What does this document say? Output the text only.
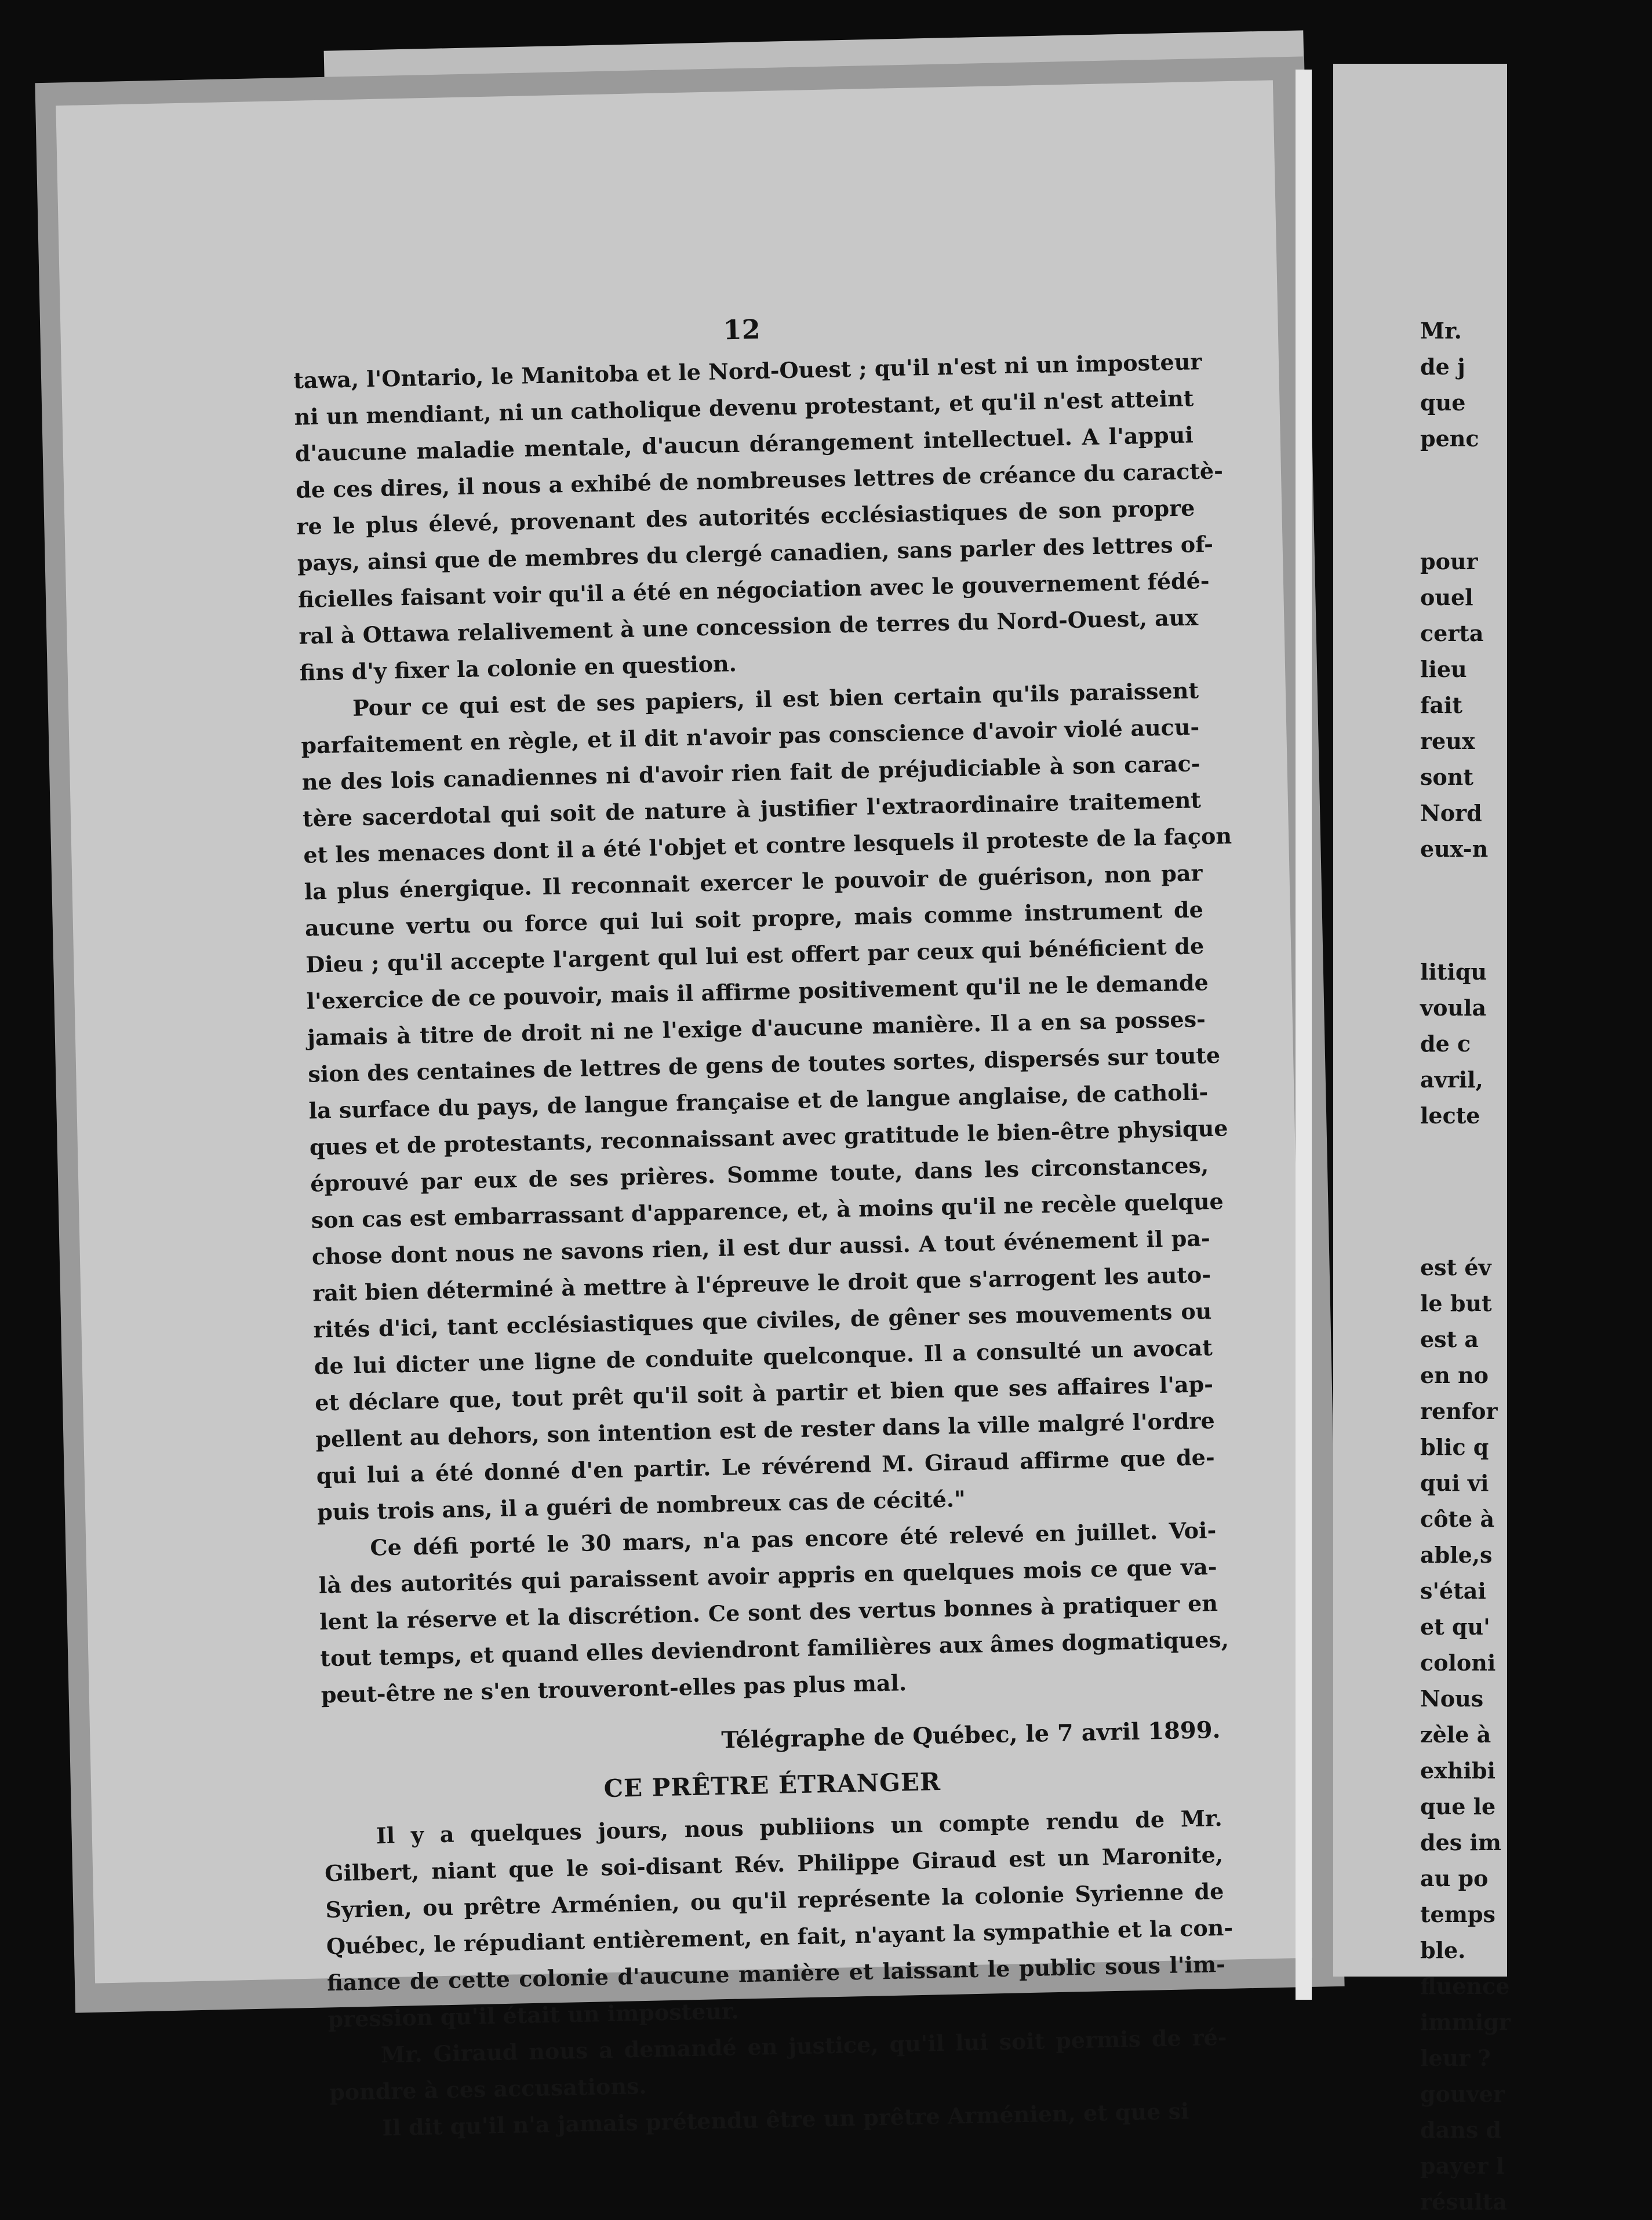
12
tawa, l'Ontario, le Manitoba et le Nord-Ouest ; qu'il n'est ni un imposteur
ni un mendiant, ni un catholique devenu protestant, et qu'il n'est atteint
d'aucune maladie mentale, d'aucun dérangement intellectuel. A l'appui
de ces dires, il nous a exhibé de nombreuses lettres de créance du caractè-
re le plus élevé, provenant des autorités ecclésiastiques de son propre
pays, ainsi que de membres du clergé canadien, sans parler des lettres of-
ficielles faisant voir qu'il a été en négociation avec le gouvernement fédé-
ral à Ottawa relalivement à une concession de terres du Nord-Ouest, aux
fins d'y fixer la colonie en question.
Pour ce qui est de ses papiers, il est bien certain qu'ils paraissent
parfaitement en règle, et il dit n'avoir pas conscience d'avoir violé aucu-
ne des lois canadiennes ni d'avoir rien fait de préjudiciable à son carac-
tère sacerdotal qui soit de nature à justifier l'extraordinaire traitement
et les menaces dont il a été l'objet et contre lesquels il proteste de la façon
la plus énergique. Il reconnait exercer le pouvoir de guérison, non par
aucune vertu ou force qui lui soit propre, mais comme instrument de
Dieu ; qu'il accepte l'argent qul lui est offert par ceux qui bénéficient de
l'exercice de ce pouvoir, mais il affirme positivement qu'il ne le demande
jamais à titre de droit ni ne l'exige d'aucune manière. Il a en sa posses-
sion des centaines de lettres de gens de toutes sortes, dispersés sur toute
la surface du pays, de langue française et de langue anglaise, de catholi-
ques et de protestants, reconnaissant avec gratitude le bien-être physique
éprouvé par eux de ses prières. Somme toute, dans les circonstances,
son cas est embarrassant d'apparence, et, à moins qu'il ne recèle quelque
chose dont nous ne savons rien, il est dur aussi. A tout événement il pa-
rait bien déterminé à mettre à l'épreuve le droit que s'arrogent les auto-
rités d'ici, tant ecclésiastiques que civiles, de gêner ses mouvements ou
de lui dicter une ligne de conduite quelconque. Il a consulté un avocat
et déclare que, tout prêt qu'il soit à partir et bien que ses affaires l'ap-
pellent au dehors, son intention est de rester dans la ville malgré l'ordre
qui lui a été donné d'en partir. Le révérend M. Giraud affirme que de-
puis trois ans, il a guéri de nombreux cas de cécité."
Ce défi porté le 30 mars, n'a pas encore été relevé en juillet. Voi-
là des autorités qui paraissent avoir appris en quelques mois ce que va-
lent la réserve et la discrétion. Ce sont des vertus bonnes à pratiquer en
tout temps, et quand elles deviendront familières aux âmes dogmatiques,
peut-être ne s'en trouveront-elles pas plus mal.
Télégraphe de Québec, le 7 avril 1899.
CE PRÊTRE ÉTRANGER
Il y a quelques jours, nous publiions un compte rendu de Mr.
Gilbert, niant que le soi-disant Rév. Philippe Giraud est un Maronite,
Syrien, ou prêtre Arménien, ou qu'il représente la colonie Syrienne de
Québec, le répudiant entièrement, en fait, n'ayant la sympathie et la con-
fiance de cette colonie d'aucune manière et laissant le public sous l'im-
pression qu'il était un imposteur.
Mr. Giraud nous a demandé en justice, qu'il lui soit permis de ré-
pondre à ces accusations.
Il dit qu'il n'a jamais prétendu être un prêtre Arménien, et que si
Mr.
de j
que
penc
pour
ouel
certa
lieu
fait
reux
sont
Nord
eux-n
litiqu
voula
de c
avril,
lecte
est év
le but
est a
en no
renfor
blic q
qui vi
côte à
able,s
s'étai
et qu'
coloni
Nous
zèle à
exhibi
que le
des im
au po
temps
ble.
fluence
immigr
leur ?
gouver
dans d
payer l
résulta
